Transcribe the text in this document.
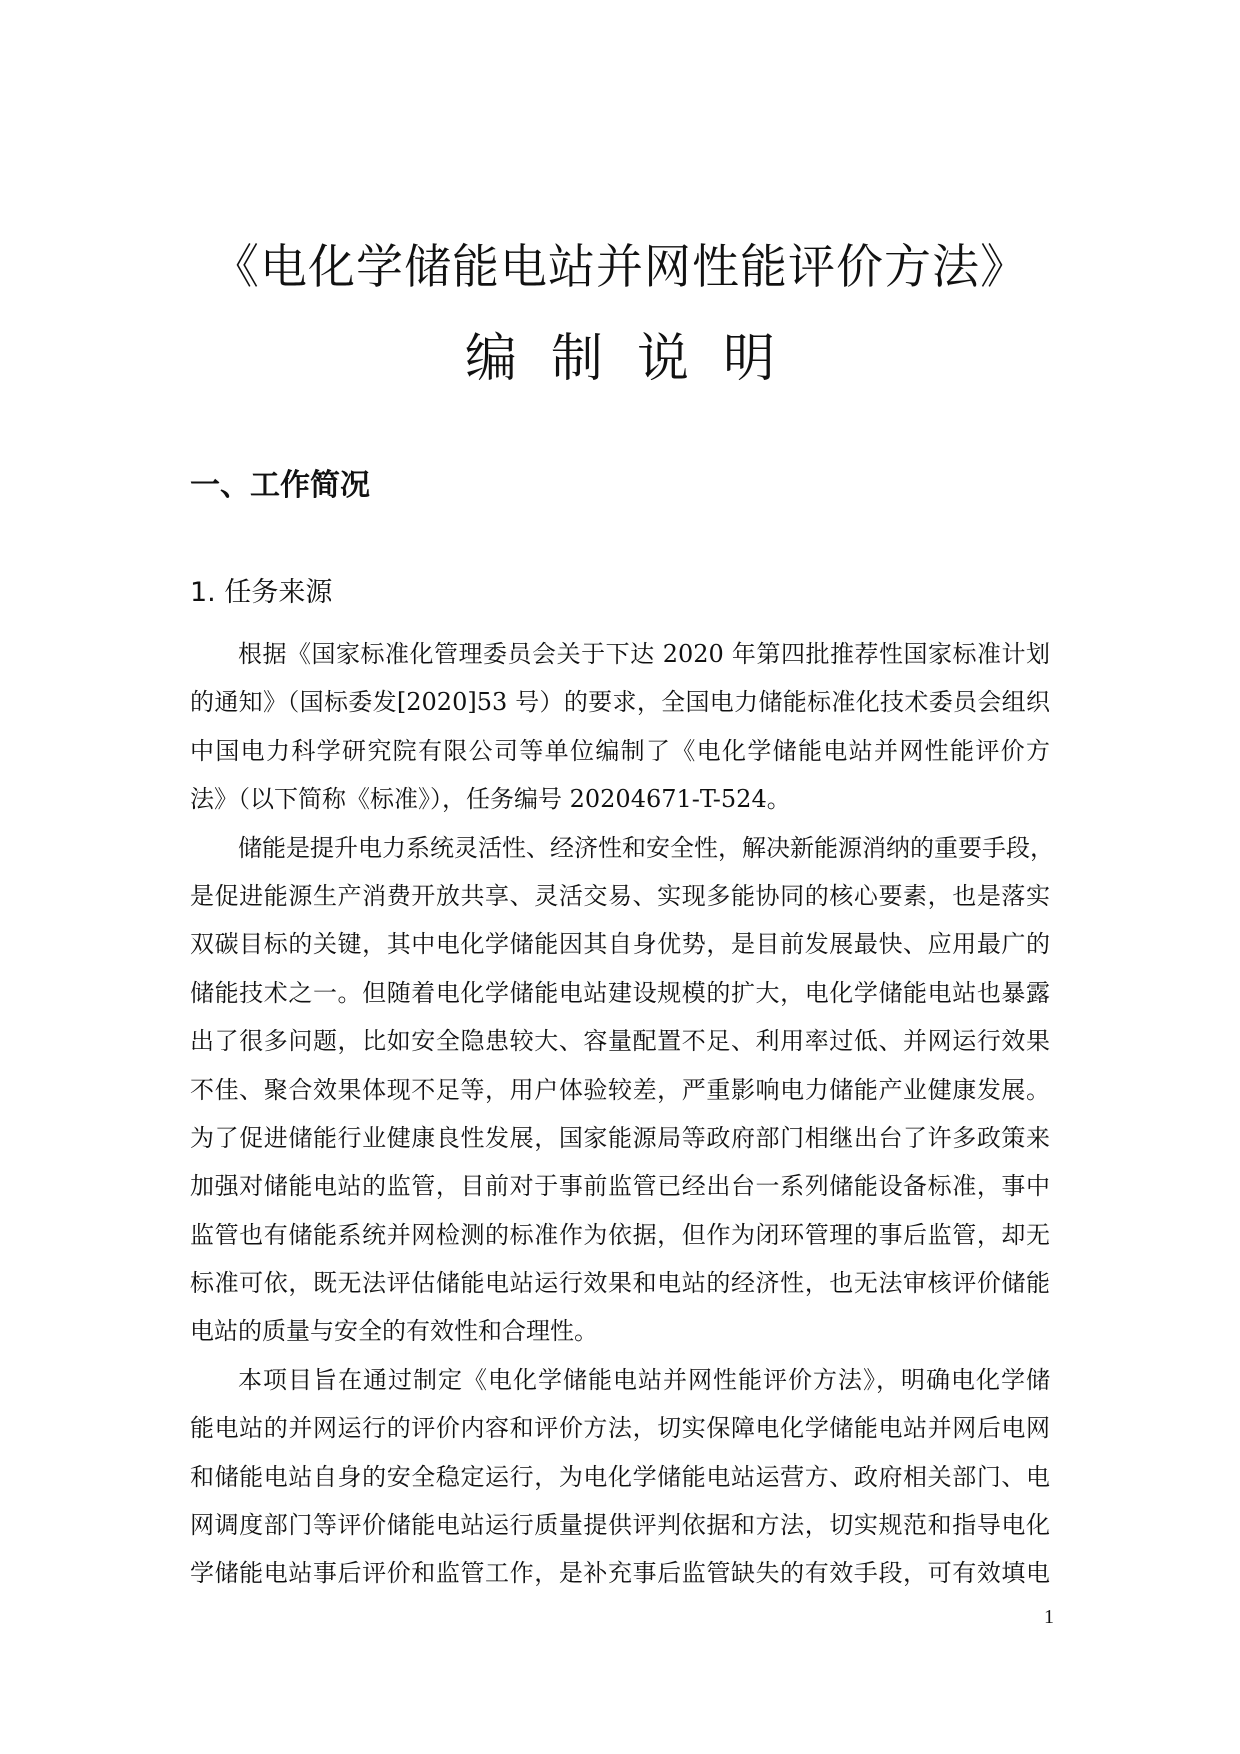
《电化学储能电站并网性能评价方法》
编制说明
一、工作简况
1. 任务来源
根据《国家标准化管理委员会关于下达 2020 年第四批推荐性国家标准计划
的通知》（国标委发[2020]53 号）的要求，全国电力储能标准化技术委员会组织
中国电力科学研究院有限公司等单位编制了《电化学储能电站并网性能评价方
法》（以下简称《标准》），任务编号 20204671-T-524。
储能是提升电力系统灵活性、经济性和安全性，解决新能源消纳的重要手段，
是促进能源生产消费开放共享、灵活交易、实现多能协同的核心要素，也是落实
双碳目标的关键，其中电化学储能因其自身优势，是目前发展最快、应用最广的
储能技术之一。但随着电化学储能电站建设规模的扩大，电化学储能电站也暴露
出了很多问题，比如安全隐患较大、容量配置不足、利用率过低、并网运行效果
不佳、聚合效果体现不足等，用户体验较差，严重影响电力储能产业健康发展。
为了促进储能行业健康良性发展，国家能源局等政府部门相继出台了许多政策来
加强对储能电站的监管，目前对于事前监管已经出台一系列储能设备标准，事中
监管也有储能系统并网检测的标准作为依据，但作为闭环管理的事后监管，却无
标准可依，既无法评估储能电站运行效果和电站的经济性，也无法审核评价储能
电站的质量与安全的有效性和合理性。
本项目旨在通过制定《电化学储能电站并网性能评价方法》，明确电化学储
能电站的并网运行的评价内容和评价方法，切实保障电化学储能电站并网后电网
和储能电站自身的安全稳定运行，为电化学储能电站运营方、政府相关部门、电
网调度部门等评价储能电站运行质量提供评判依据和方法，切实规范和指导电化
学储能电站事后评价和监管工作，是补充事后监管缺失的有效手段，可有效填电
1
